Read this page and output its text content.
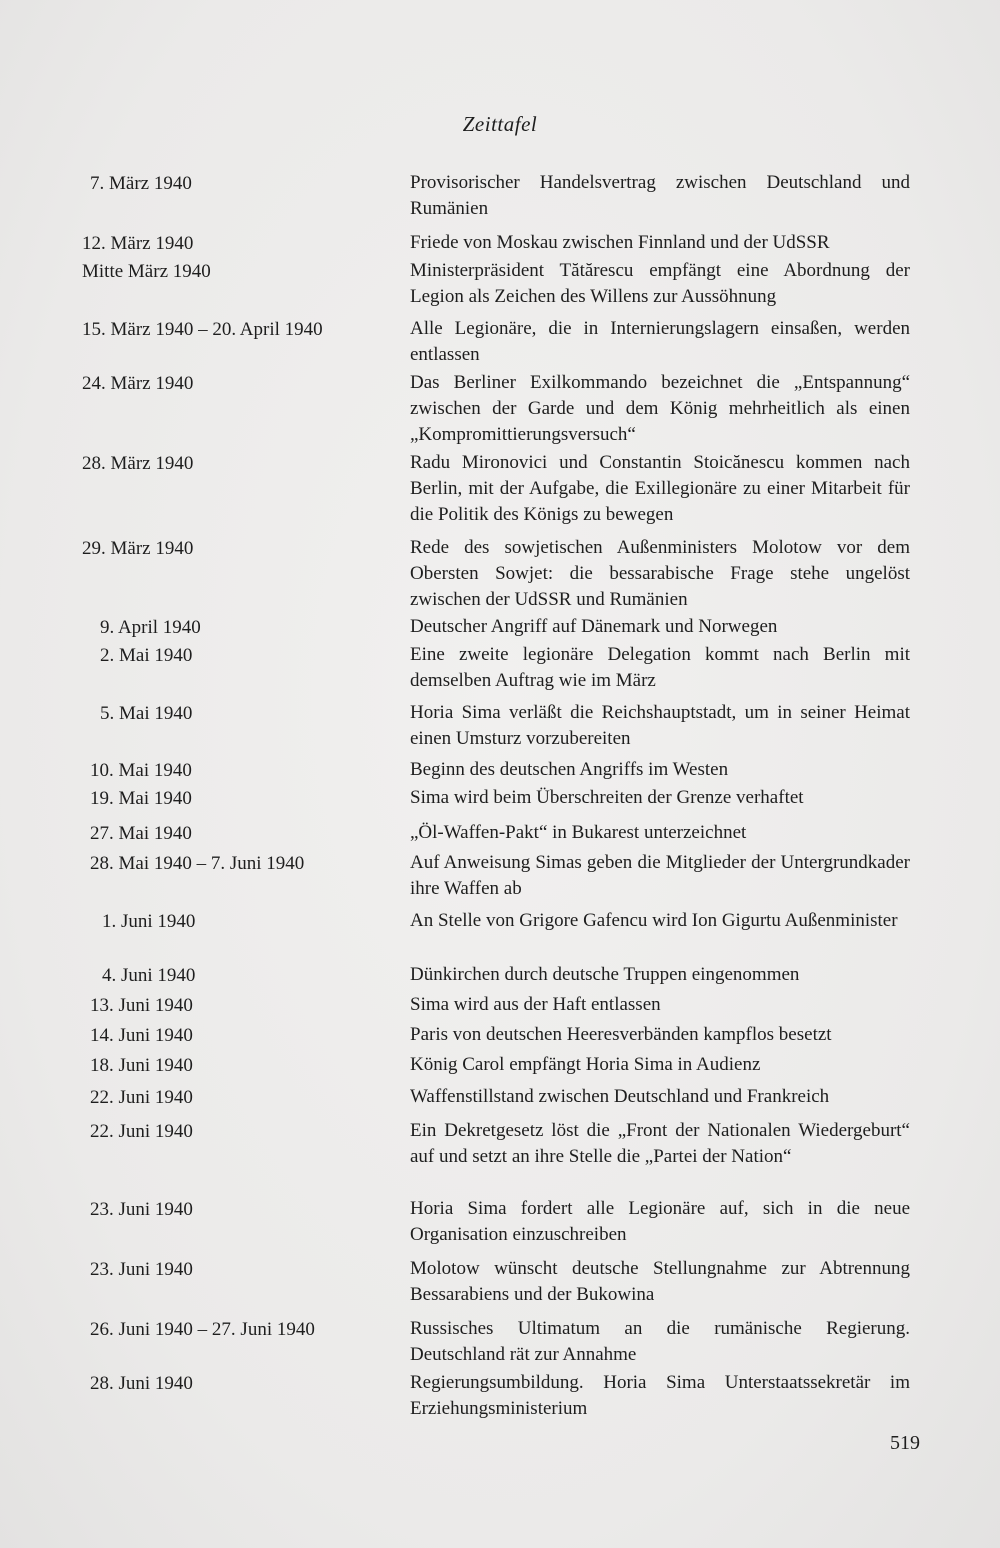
Zeittafel
7. März 1940	Provisorischer Handelsvertrag zwischen Deutschland und Rumänien
12. März 1940	Friede von Moskau zwischen Finnland und der UdSSR
Mitte März 1940	Ministerpräsident Tătărescu empfängt eine Abordnung der Legion als Zeichen des Willens zur Aussöhnung
15. März 1940 – 20. April 1940	Alle Legionäre, die in Internierungslagern einsaßen, werden entlassen
24. März 1940	Das Berliner Exilkommando bezeichnet die „Entspannung“ zwischen der Garde und dem König mehrheitlich als einen „Kompromittierungsversuch“
28. März 1940	Radu Mironovici und Constantin Stoicănescu kommen nach Berlin, mit der Aufgabe, die Exillegionäre zu einer Mitarbeit für die Politik des Königs zu bewegen
29. März 1940	Rede des sowjetischen Außenministers Molotow vor dem Obersten Sowjet: die bessarabische Frage stehe ungelöst zwischen der UdSSR und Rumänien
9. April 1940	Deutscher Angriff auf Dänemark und Norwegen
2. Mai 1940	Eine zweite legionäre Delegation kommt nach Berlin mit demselben Auftrag wie im März
5. Mai 1940	Horia Sima verläßt die Reichshauptstadt, um in seiner Heimat einen Umsturz vorzubereiten
10. Mai 1940	Beginn des deutschen Angriffs im Westen
19. Mai 1940	Sima wird beim Überschreiten der Grenze verhaftet
27. Mai 1940	„Öl-Waffen-Pakt“ in Bukarest unterzeichnet
28. Mai 1940 – 7. Juni 1940	Auf Anweisung Simas geben die Mitglieder der Untergrundkader ihre Waffen ab
1. Juni 1940	An Stelle von Grigore Gafencu wird Ion Gigurtu Außenminister
4. Juni 1940	Dünkirchen durch deutsche Truppen eingenommen
13. Juni 1940	Sima wird aus der Haft entlassen
14. Juni 1940	Paris von deutschen Heeresverbänden kampflos besetzt
18. Juni 1940	König Carol empfängt Horia Sima in Audienz
22. Juni 1940	Waffenstillstand zwischen Deutschland und Frankreich
22. Juni 1940	Ein Dekretgesetz löst die „Front der Nationalen Wiedergeburt“ auf und setzt an ihre Stelle die „Partei der Nation“
23. Juni 1940	Horia Sima fordert alle Legionäre auf, sich in die neue Organisation einzuschreiben
23. Juni 1940	Molotow wünscht deutsche Stellungnahme zur Abtrennung Bessarabiens und der Bukowina
26. Juni 1940 – 27. Juni 1940	Russisches Ultimatum an die rumänische Regierung. Deutschland rät zur Annahme
28. Juni 1940	Regierungsumbildung. Horia Sima Unterstaatssekretär im Erziehungsministerium
519
